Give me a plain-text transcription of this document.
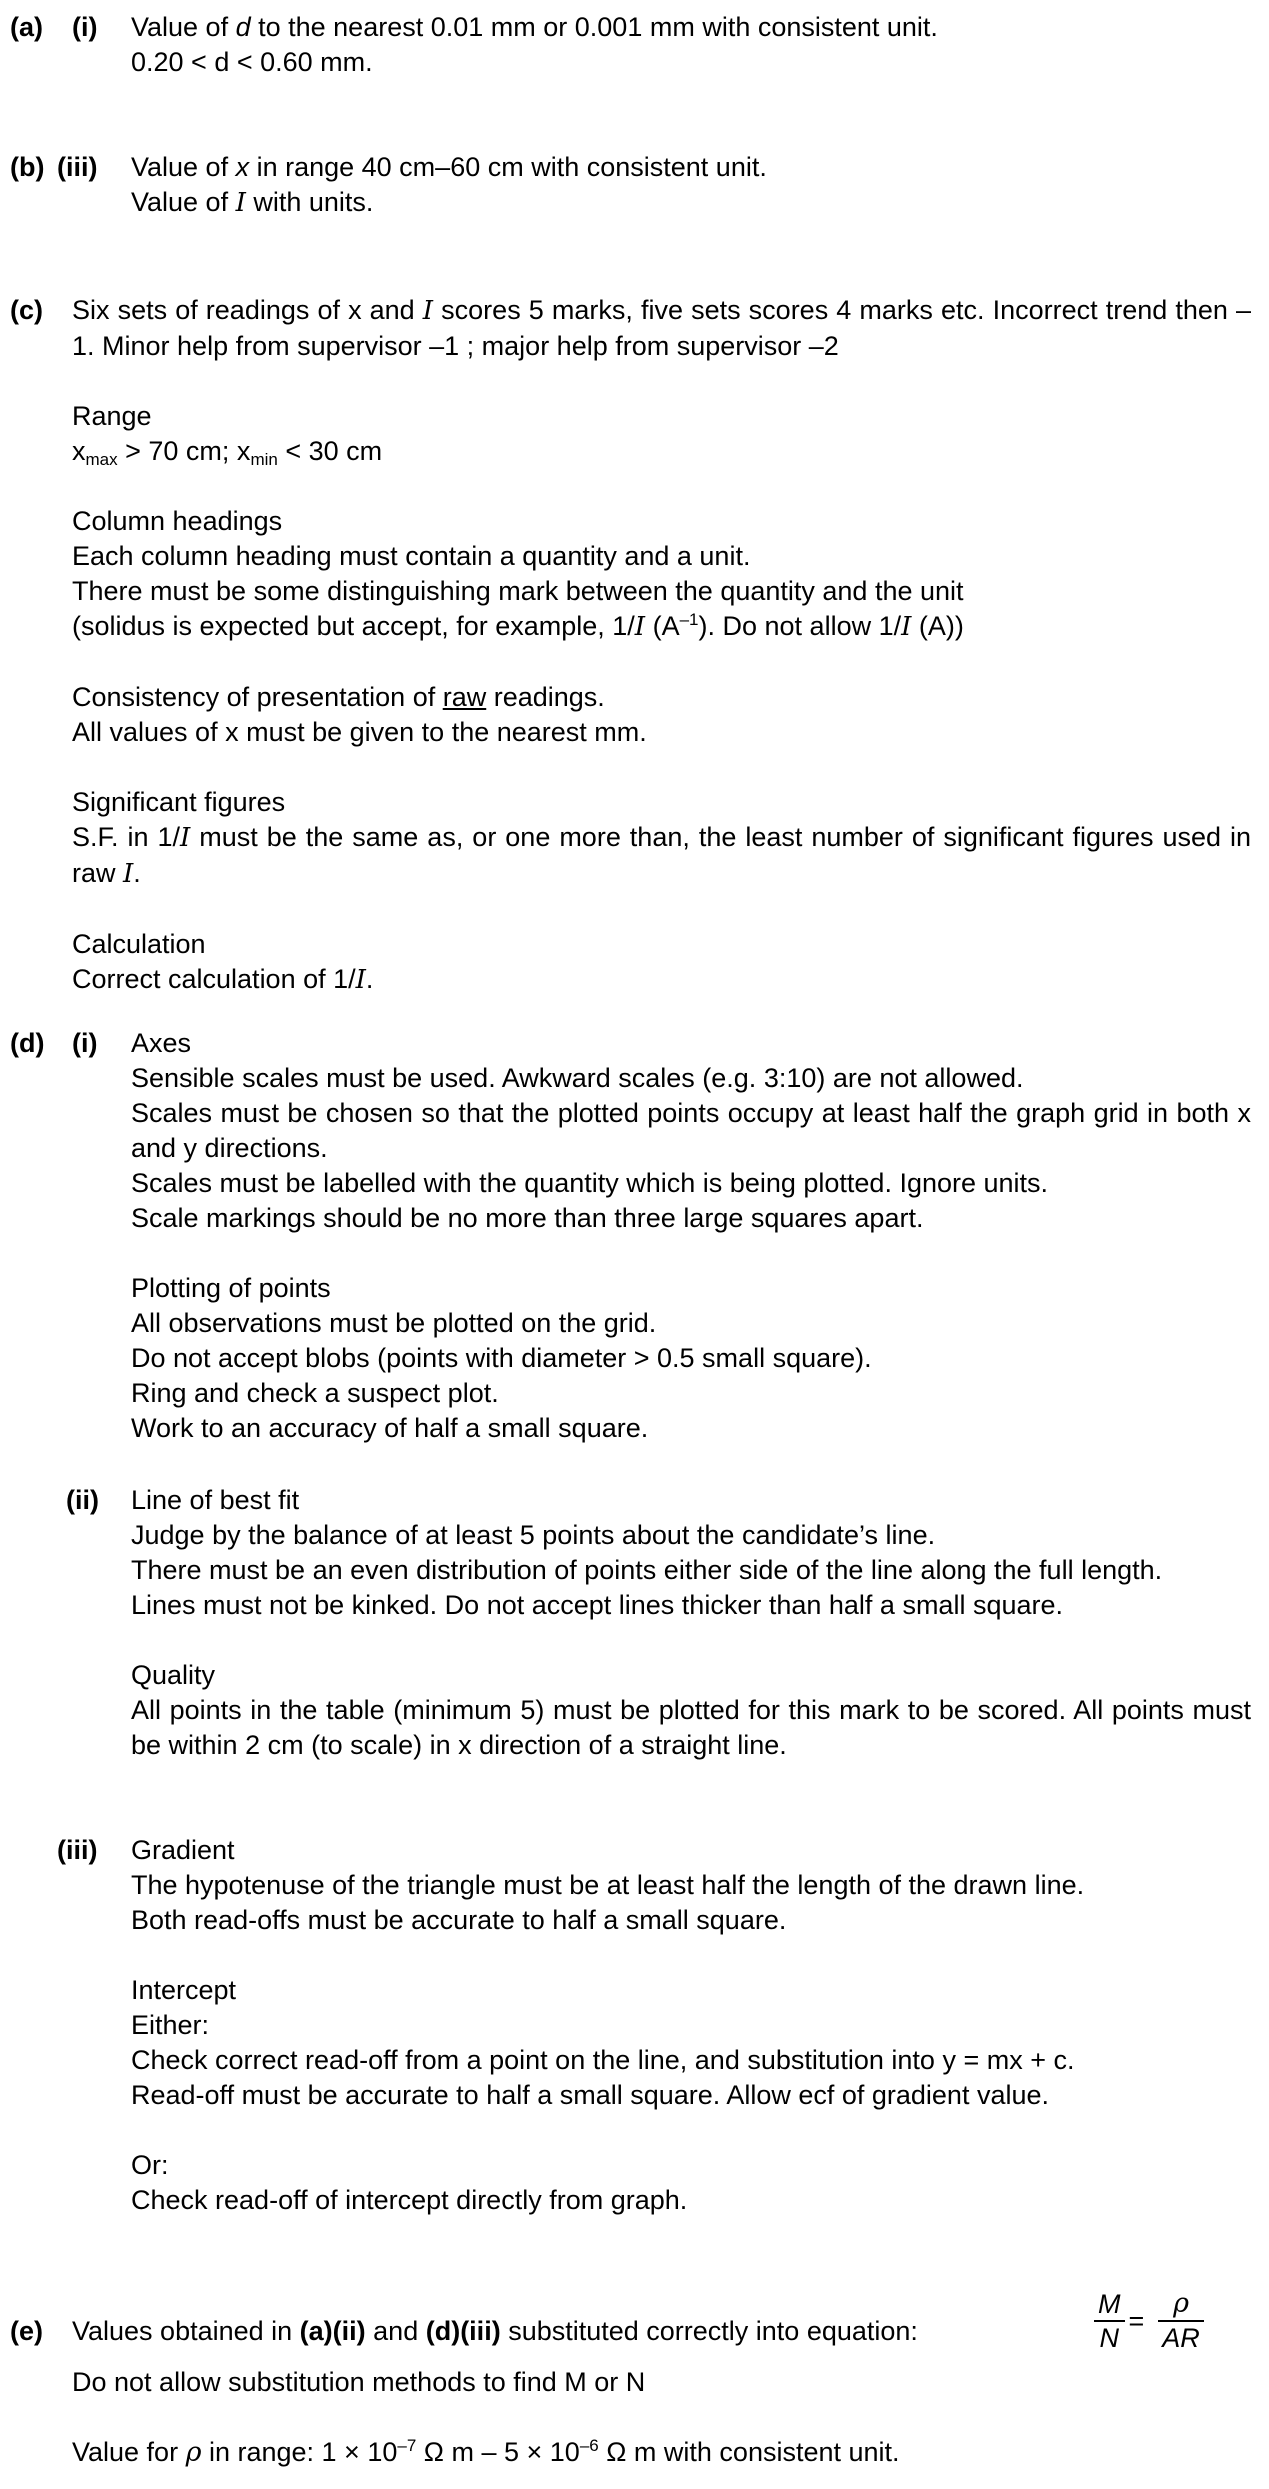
(a) (i) Value of d to the nearest 0.01 mm or 0.001 mm with consistent unit.

0.20 < d < 0.60 mm.

(b) (iii) Value of x in range 40 cm–60 cm with consistent unit.

Value of I with units.

(c) Six sets of readings of x and I scores 5 marks, five sets scores 4 marks etc. Incorrect trend then –1. Minor help from supervisor –1 ; major help from supervisor –2

Range

$x_{max} > 70$ cm; $x_{min} < 30$ cm

Column headings

Each column heading must contain a quantity and a unit.

There must be some distinguishing mark between the quantity and the unit

(solidus is expected but accept, for example, 1/I $(A^{-1})$. Do not allow 1/I (A))

Consistency of presentation of raw readings.

All values of x must be given to the nearest mm.

Significant figures

S.F. in 1/I must be the same as, or one more than, the least number of significant figures used in raw I.

Calculation

Correct calculation of 1/I.

(d) (i) Axes

Sensible scales must be used. Awkward scales (e.g. 3:10) are not allowed.

Scales must be chosen so that the plotted points occupy at least half the graph grid in both x and y directions.

Scales must be labelled with the quantity which is being plotted. Ignore units.

Scale markings should be no more than three large squares apart.

Plotting of points

All observations must be plotted on the grid.

Do not accept blobs (points with diameter > 0.5 small square).

Ring and check a suspect plot.

Work to an accuracy of half a small square.

(ii) Line of best fit

Judge by the balance of at least 5 points about the candidate’s line.

There must be an even distribution of points either side of the line along the full length.

Lines must not be kinked. Do not accept lines thicker than half a small square.

Quality

All points in the table (minimum 5) must be plotted for this mark to be scored. All points must be within 2 cm (to scale) in x direction of a straight line.

(iii) Gradient

The hypotenuse of the triangle must be at least half the length of the drawn line.

Both read-offs must be accurate to half a small square.

Intercept

Either:

Check correct read-off from a point on the line, and substitution into y = mx + c.

Read-off must be accurate to half a small square. Allow ecf of gradient value.

Or:

Check read-off of intercept directly from graph.

(e) Values obtained in (a)(ii) and (d)(iii) substituted correctly into equation:	$\frac{M}{N} = \frac{\rho}{AR}$

Do not allow substitution methods to find M or N

Value for ρ in range: $1 \times 10^{-7}$ Ω $m - 5 \times 10^{-6}$ Ω m with consistent unit.
